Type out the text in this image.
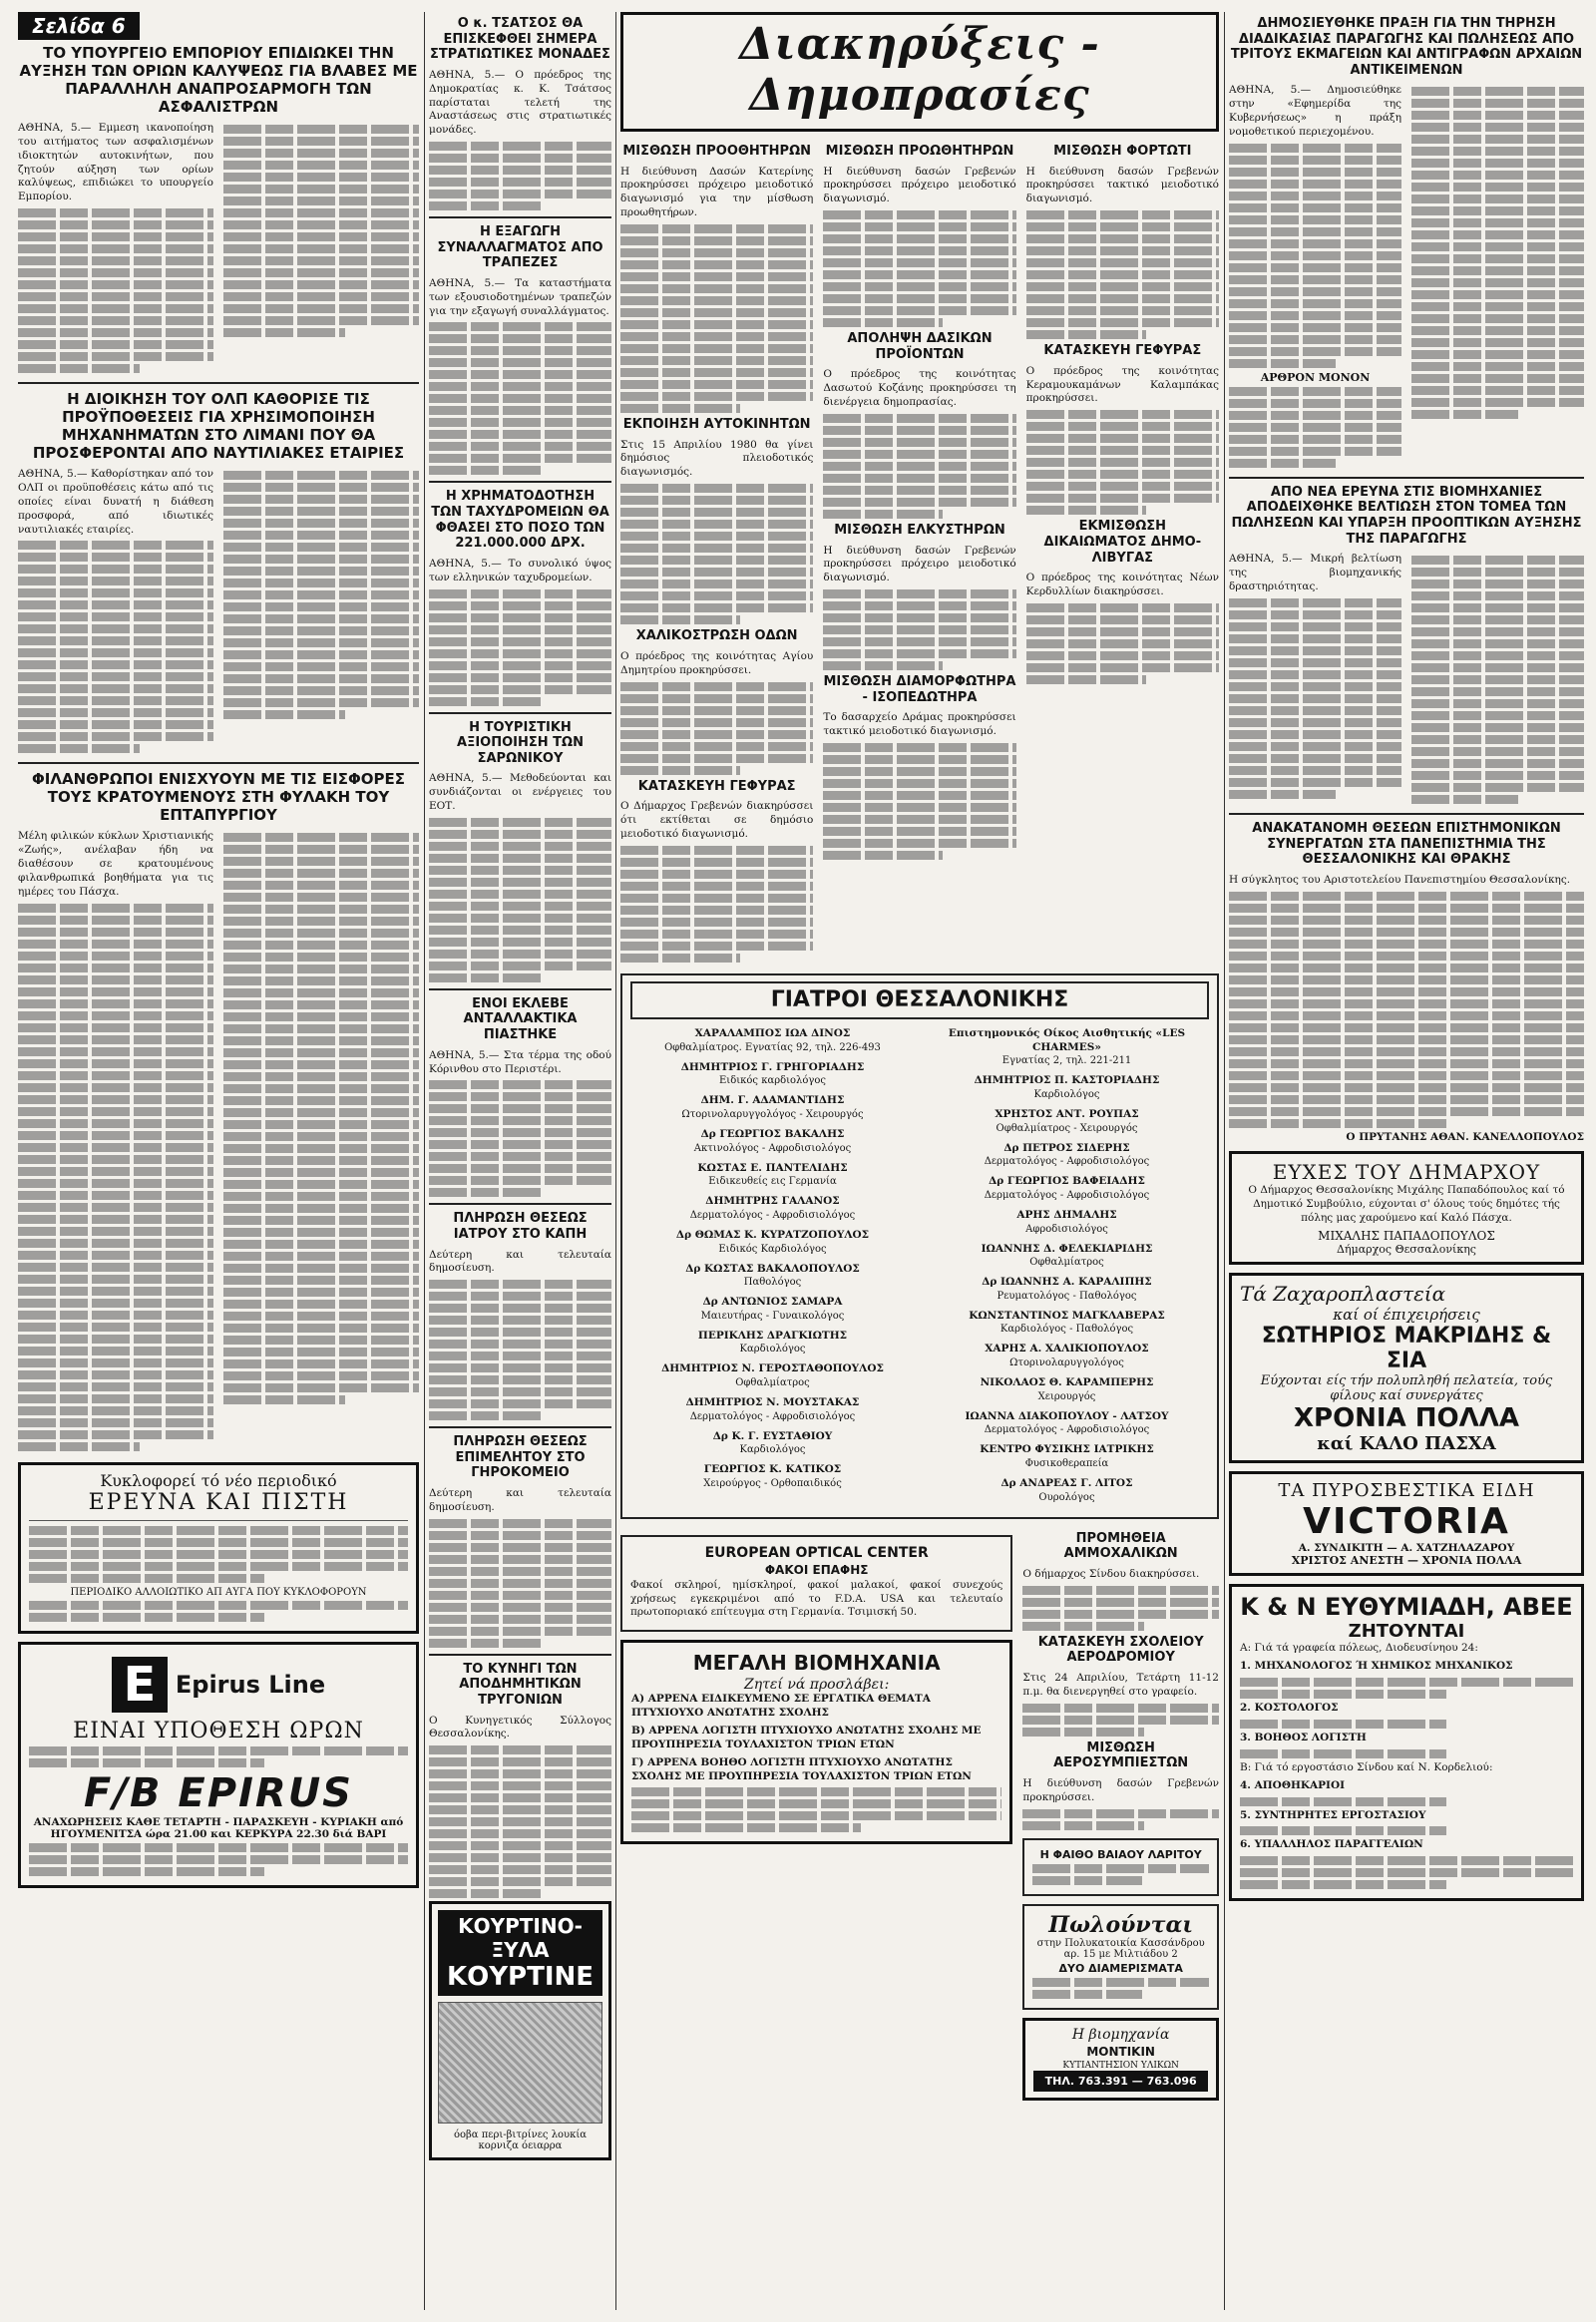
Σελίδα 6
ΤΟ ΥΠΟΥΡΓΕΙΟ ΕΜΠΟΡΙΟΥ ΕΠΙΔΙΩΚΕΙ ΤΗΝ ΑΥΞΗΣΗ ΤΩΝ ΟΡΙΩΝ ΚΑΛΥΨΕΩΣ ΓΙΑ ΒΛΑΒΕΣ ΜΕ ΠΑΡΑΛΛΗΛΗ ΑΝΑΠΡΟΣΑΡΜΟΓΗ ΤΩΝ ΑΣΦΑΛΙΣΤΡΩΝ

ΑΘΗΝΑ, 5.— Εμμεση ικανοποίηση του αιτήματος των ασφαλισμένων ιδιοκτητών αυτοκινήτων, που ζητούν αύξηση των ορίων καλύψεως, επιδιώκει το υπουργείο Εμπορίου.

Η ΔΙΟΙΚΗΣΗ ΤΟΥ ΟΛΠ ΚΑΘΟΡΙΣΕ ΤΙΣ ΠΡΟΫΠΟΘΕΣΕΙΣ ΓΙΑ ΧΡΗΣΙΜΟΠΟΙΗΣΗ ΜΗΧΑΝΗΜΑΤΩΝ ΣΤΟ ΛΙΜΑΝΙ ΠΟΥ ΘΑ ΠΡΟΣΦΕΡΟΝΤΑΙ ΑΠΟ ΝΑΥΤΙΛΙΑΚΕΣ ΕΤΑΙΡΙΕΣ

ΑΘΗΝΑ, 5.— Καθορίστηκαν από τον ΟΛΠ οι προϋποθέσεις κάτω από τις οποίες είναι δυνατή η διάθεση προσφορά, από ιδιωτικές ναυτιλιακές εταιρίες.

ΦΙΛΑΝΘΡΩΠΟΙ ΕΝΙΣΧΥΟΥΝ ΜΕ ΤΙΣ ΕΙΣΦΟΡΕΣ ΤΟΥΣ ΚΡΑΤΟΥΜΕΝΟΥΣ ΣΤΗ ΦΥΛΑΚΗ ΤΟΥ ΕΠΤΑΠΥΡΓΙΟΥ

Μέλη φιλικών κύκλων Χριστιανικής «Ζωής», ανέλαβαν ήδη να διαθέσουν σε κρατουμένους φιλανθρωπικά βοηθήματα για τις ημέρες του Πάσχα.

Κυκλοφορεί τό νέο περιοδικό
ΕΡΕΥΝΑ ΚΑΙ ΠΙΣΤΗ
ΠΕΡΙΟΔΙΚΟ ΑΛΛΟΙΩΤΙΚΟ ΑΠ ΑΥΓΑ ΠΟΥ ΚΥΚΛΟΦΟΡΟΥΝ
E Epirus Line
ΕΙΝΑΙ ΥΠΟΘΕΣΗ ΩΡΩΝ
F/B EPIRUS
ΑΝΑΧΩΡΗΣΕΙΣ ΚΑΘΕ ΤΕΤΑΡΤΗ - ΠΑΡΑΣΚΕΥΗ - ΚΥΡΙΑΚΗ από ΗΓΟΥΜΕΝΙΤΣΑ ώρα 21.00 και ΚΕΡΚΥΡΑ 22.30 διά ΒΑΡΙ
Ο κ. ΤΣΑΤΣΟΣ ΘΑ ΕΠΙΣΚΕΦΘΕΙ ΣΗΜΕΡΑ ΣΤΡΑΤΙΩΤΙΚΕΣ ΜΟΝΑΔΕΣ

ΑΘΗΝΑ, 5.— Ο πρόεδρος της Δημοκρατίας κ. Κ. Τσάτσος παρίσταται τελετή της Αναστάσεως στις στρατιωτικές μονάδες.

Η ΕΞΑΓΩΓΗ ΣΥΝΑΛΛΑΓΜΑΤΟΣ ΑΠΟ ΤΡΑΠΕΖΕΣ

ΑΘΗΝΑ, 5.— Τα καταστήματα των εξουσιοδοτημένων τραπεζών για την εξαγωγή συναλλάγματος.

Η ΧΡΗΜΑΤΟΔΟΤΗΣΗ ΤΩΝ ΤΑΧΥΔΡΟΜΕΙΩΝ ΘΑ ΦΘΑΣΕΙ ΣΤΟ ΠΟΣΟ ΤΩΝ 221.000.000 ΔΡΧ.

ΑΘΗΝΑ, 5.— Το συνολικό ύψος των ελληνικών ταχυδρομείων.

Η ΤΟΥΡΙΣΤΙΚΗ ΑΞΙΟΠΟΙΗΣΗ ΤΩΝ ΣΑΡΩΝΙΚΟΥ

ΑΘΗΝΑ, 5.— Μεθοδεύονται και συνδιάζονται οι ενέργειες του ΕΟΤ.

ΕΝΟΙ ΕΚΛΕΒΕ ΑΝΤΑΛΛΑΚΤΙΚΑ ΠΙΑΣΤΗΚΕ

ΑΘΗΝΑ, 5.— Στα τέρμα της οδού Κόρινθου στο Περιστέρι.

ΠΛΗΡΩΣΗ ΘΕΣΕΩΣ ΙΑΤΡΟΥ ΣΤΟ ΚΑΠΗ

Δεύτερη και τελευταία δημοσίευση.

ΠΛΗΡΩΣΗ ΘΕΣΕΩΣ ΕΠΙΜΕΛΗΤΟΥ ΣΤΟ ΓΗΡΟΚΟΜΕΙΟ

Δεύτερη και τελευταία δημοσίευση.

ΤΟ ΚΥΝΗΓΙ ΤΩΝ ΑΠΟΔΗΜΗΤΙΚΩΝ ΤΡΥΓΟΝΙΩΝ

Ο Κυνηγετικός Σύλλογος Θεσσαλονίκης.

ΚΟΥΡΤΙΝΟ-ΞΥΛΑ
ΚΟΥΡΤΙΝΕ
όοβα περι-βιτρίνες λουκία κορνιζα όειαρρα
Διακηρύξεις - Δημοπρασίες
ΜΙΣΘΩΣΗ ΠΡΟΟΘΗΤΗΡΩΝ

Η διεύθυνση Δασών Κατερίνης προκηρύσσει πρόχειρο μειοδοτικό διαγωνισμό για την μίσθωση προωθητήρων.

ΕΚΠΟΙΗΣΗ ΑΥΤΟΚΙΝΗΤΩΝ

Στις 15 Απριλίου 1980 θα γίνει δημόσιος πλειοδοτικός διαγωνισμός.

ΧΑΛΙΚΟΣΤΡΩΣΗ ΟΔΩΝ

Ο πρόεδρος της κοινότητας Αγίου Δημητρίου προκηρύσσει.

ΚΑΤΑΣΚΕΥΗ ΓΕΦΥΡΑΣ

Ο Δήμαρχος Γρεβενών διακηρύσσει ότι εκτίθεται σε δημόσιο μειοδοτικό διαγωνισμό.

ΜΙΣΘΩΣΗ ΠΡΟΩΘΗΤΗΡΩΝ

Η διεύθυνση δασών Γρεβενών προκηρύσσει πρόχειρο μειοδοτικό διαγωνισμό.

ΑΠΟΛΗΨΗ ΔΑΣΙΚΩΝ ΠΡΟΪΟΝΤΩΝ

Ο πρόεδρος της κοινότητας Δασωτού Κοζάνης προκηρύσσει τη διενέργεια δημοπρασίας.

ΜΙΣΘΩΣΗ ΕΛΚΥΣΤΗΡΩΝ

Η διεύθυνση δασών Γρεβενών προκηρύσσει πρόχειρο μειοδοτικό διαγωνισμό.

ΜΙΣΘΩΣΗ ΔΙΑΜΟΡΦΩΤΗΡΑ - ΙΣΟΠΕΔΩΤΗΡΑ

Το δασαρχείο Δράμας προκηρύσσει τακτικό μειοδοτικό διαγωνισμό.

ΜΙΣΘΩΣΗ ΦΟΡΤΩΤΙ

Η διεύθυνση δασών Γρεβενών προκηρύσσει τακτικό μειοδοτικό διαγωνισμό.

ΚΑΤΑΣΚΕΥΗ ΓΕΦΥΡΑΣ

Ο πρόεδρος της κοινότητας Κεραμουκαμάνων Καλαμπάκας προκηρύσσει.

ΕΚΜΙΣΘΩΣΗ ΔΙΚΑΙΩΜΑΤΟΣ ΔΗΜΟ-ΛΙΒΥΓΑΣ

Ο πρόεδρος της κοινότητας Νέων Κερδυλλίων διακηρύσσει.

ΓΙΑΤΡΟΙ ΘΕΣΣΑΛΟΝΙΚΗΣ
ΧΑΡΑΛΑΜΠΟΣ ΙΩΑ ΔΙΝΟΣ
Οφθαλμίατρος. Εγνατίας 92, τηλ. 226-493
ΔΗΜΗΤΡΙΟΣ Γ. ΓΡΗΓΟΡΙΑΔΗΣ
Ειδικός καρδιολόγος
ΔΗΜ. Γ. ΑΔΑΜΑΝΤΙΔΗΣ
Ωτορινολαρυγγολόγος - Χειρουργός
Δρ ΓΕΩΡΓΙΟΣ ΒΑΚΑΛΗΣ
Ακτινολόγος - Αφροδισιολόγος
ΚΩΣΤΑΣ Ε. ΠΑΝΤΕΛΙΔΗΣ
Ειδικευθείς εις Γερμανία
ΔΗΜΗΤΡΗΣ ΓΑΛΑΝΟΣ
Δερματολόγος - Αφροδισιολόγος
Δρ ΘΩΜΑΣ Κ. ΚΥΡΑΤΖΟΠΟΥΛΟΣ
Ειδικός Καρδιολόγος
Δρ ΚΩΣΤΑΣ ΒΑΚΑΛΟΠΟΥΛΟΣ
Παθολόγος
Δρ ΑΝΤΩΝΙΟΣ ΣΑΜΑΡΑ
Μαιευτήρας - Γυναικολόγος
ΠΕΡΙΚΛΗΣ ΔΡΑΓΚΙΩΤΗΣ
Καρδιολόγος
ΔΗΜΗΤΡΙΟΣ Ν. ΓΕΡΟΣΤΑΘΟΠΟΥΛΟΣ
Οφθαλμίατρος
ΔΗΜΗΤΡΙΟΣ Ν. ΜΟΥΣΤΑΚΑΣ
Δερματολόγος - Αφροδισιολόγος
Δρ Κ. Γ. ΕΥΣΤΑΘΙΟΥ
Καρδιολόγος
ΓΕΩΡΓΙΟΣ Κ. ΚΑΤΙΚΟΣ
Χειρούργος - Ορθοπαιδικός
Επιστημονικός Οίκος Αισθητικής «LES CHARMES»
Εγνατίας 2, τηλ. 221-211
ΔΗΜΗΤΡΙΟΣ Π. ΚΑΣΤΟΡΙΑΔΗΣ
Καρδιολόγος
ΧΡΗΣΤΟΣ ΑΝΤ. ΡΟΥΠΑΣ
Οφθαλμίατρος - Χειρουργός
Δρ ΠΕΤΡΟΣ ΣΙΔΕΡΗΣ
Δερματολόγος - Αφροδισιολόγος
Δρ ΓΕΩΡΓΙΟΣ ΒΑΦΕΙΑΔΗΣ
Δερματολόγος - Αφροδισιολόγος
ΑΡΗΣ ΔΗΜΑΛΗΣ
Αφροδισιολόγος
ΙΩΑΝΝΗΣ Δ. ΦΕΛΕΚΙΑΡΙΔΗΣ
Οφθαλμίατρος
Δρ ΙΩΑΝΝΗΣ Α. ΚΑΡΑΛΙΠΗΣ
Ρευματολόγος - Παθολόγος
ΚΩΝΣΤΑΝΤΙΝΟΣ ΜΑΓΚΛΑΒΕΡΑΣ
Καρδιολόγος - Παθολόγος
ΧΑΡΗΣ Α. ΧΑΛΙΚΙΟΠΟΥΛΟΣ
Ωτορινολαρυγγολόγος
ΝΙΚΟΛΑΟΣ Θ. ΚΑΡΑΜΠΕΡΗΣ
Χειρουργός
ΙΩΑΝΝΑ ΔΙΑΚΟΠΟΥΛΟΥ - ΛΑΤΣΟΥ
Δερματολόγος - Αφροδισιολόγος
ΚΕΝΤΡΟ ΦΥΣΙΚΗΣ ΙΑΤΡΙΚΗΣ
Φυσικοθεραπεία
Δρ ΑΝΔΡΕΑΣ Γ. ΛΙΤΟΣ
Ουρολόγος
EUROPEAN OPTICAL CENTER
ΦΑΚΟΙ ΕΠΑΦΗΣ

Φακοί σκληροί, ημίσκληροί, φακοί μαλακοί, φακοί συνεχούς χρήσεως εγκεκριμένοι από το F.D.A. USA και τελευταίο πρωτοποριακό επίτευγμα στη Γερμανία. Τσιμισκή 50.

ΜΕΓΑΛΗ ΒΙΟΜΗΧΑΝΙΑ
Ζητεί νά προσλάβει:

Α) ΑΡΡΕΝΑ ΕΙΔΙΚΕΥΜΕΝΟ ΣΕ ΕΡΓΑΤΙΚΑ ΘΕΜΑΤΑ ΠΤΥΧΙΟΥΧΟ ΑΝΩΤΑΤΗΣ ΣΧΟΛΗΣ

Β) ΑΡΡΕΝΑ ΛΟΓΙΣΤΗ ΠΤΥΧΙΟΥΧΟ ΑΝΩΤΑΤΗΣ ΣΧΟΛΗΣ ΜΕ ΠΡΟΥΠΗΡΕΣΙΑ ΤΟΥΛΑΧΙΣΤΟΝ ΤΡΙΩΝ ΕΤΩΝ

Γ) ΑΡΡΕΝΑ ΒΟΗΘΟ ΛΟΓΙΣΤΗ ΠΤΥΧΙΟΥΧΟ ΑΝΩΤΑΤΗΣ ΣΧΟΛΗΣ ΜΕ ΠΡΟΥΠΗΡΕΣΙΑ ΤΟΥΛΑΧΙΣΤΟΝ ΤΡΙΩΝ ΕΤΩΝ

ΠΡΟΜΗΘΕΙΑ ΑΜΜΟΧΑΛΙΚΩΝ

Ο δήμαρχος Σίνδου διακηρύσσει.

ΚΑΤΑΣΚΕΥΗ ΣΧΟΛΕΙΟΥ ΑΕΡΟΔΡΟΜΙΟΥ

Στις 24 Απριλίου, Τετάρτη 11-12 π.μ. θα διενεργηθεί στο γραφείο.

ΜΙΣΘΩΣΗ ΑΕΡΟΣΥΜΠΙΕΣΤΩΝ

Η διεύθυνση δασών Γρεβενών προκηρύσσει.

Η ΦΑΙΘΟ ΒΑΙΑΟΥ ΛΑΡΙΤΟΥ
Πωλούνται
στην Πολυκατοικία Κασσάνδρου αρ. 15 με Μιλτιάδου 2
ΔΥΟ ΔΙΑΜΕΡΙΣΜΑΤΑ
Η βιομηχανία
ΜΟΝΤΙΚΙΝ
ΚΥΤΙΑΝΤΗΣΙΟΝ ΥΛΙΚΩΝ
ΤΗΛ. 763.391 — 763.096
ΔΗΜΟΣΙΕΥΘΗΚΕ ΠΡΑΞΗ ΓΙΑ ΤΗΝ ΤΗΡΗΣΗ ΔΙΑΔΙΚΑΣΙΑΣ ΠΑΡΑΓΩΓΗΣ ΚΑΙ ΠΩΛΗΣΕΩΣ ΑΠΟ ΤΡΙΤΟΥΣ ΕΚΜΑΓΕΙΩΝ ΚΑΙ ΑΝΤΙΓΡΑΦΩΝ ΑΡΧΑΙΩΝ ΑΝΤΙΚΕΙΜΕΝΩΝ

ΑΘΗΝΑ, 5.— Δημοσιεύθηκε στην «Εφημερίδα της Κυβερνήσεως» η πράξη νομοθετικού περιεχομένου.

ΑΡΘΡΟΝ ΜΟΝΟΝ
ΑΠΟ ΝΕΑ ΕΡΕΥΝΑ ΣΤΙΣ ΒΙΟΜΗΧΑΝΙΕΣ ΑΠΟΔΕΙΧΘΗΚΕ ΒΕΛΤΙΩΣΗ ΣΤΟΝ ΤΟΜΕΑ ΤΩΝ ΠΩΛΗΣΕΩΝ ΚΑΙ ΥΠΑΡΞΗ ΠΡΟΟΠΤΙΚΩΝ ΑΥΞΗΣΗΣ ΤΗΣ ΠΑΡΑΓΩΓΗΣ

ΑΘΗΝΑ, 5.— Μικρή βελτίωση της βιομηχανικής δραστηριότητας.

ΑΝΑΚΑΤΑΝΟΜΗ ΘΕΣΕΩΝ ΕΠΙΣΤΗΜΟΝΙΚΩΝ ΣΥΝΕΡΓΑΤΩΝ ΣΤΑ ΠΑΝΕΠΙΣΤΗΜΙΑ ΤΗΣ ΘΕΣΣΑΛΟΝΙΚΗΣ ΚΑΙ ΘΡΑΚΗΣ

Η σύγκλητος του Αριστοτελείου Πανεπιστημίου Θεσσαλονίκης.

Ο ΠΡΥΤΑΝΗΣ ΑΘΑΝ. ΚΑΝΕΛΛΟΠΟΥΛΟΣ
ΕΥΧΕΣ ΤΟΥ ΔΗΜΑΡΧΟΥ

Ο Δήμαρχος Θεσσαλονίκης Μιχάλης Παπαδόπουλος καί τό Δημοτικό Συμβούλιο, εύχονται σ' όλους τούς δημότες τής πόλης μας χαρούμενο καί Καλό Πάσχα.

ΜΙΧΑΛΗΣ ΠΑΠΑΔΟΠΟΥΛΟΣ
Δήμαρχος Θεσσαλονίκης
Τά Ζαχαροπλαστεία
καί οί έπιχειρήσεις
ΣΩΤΗΡΙΟΣ ΜΑΚΡΙΔΗΣ & ΣΙΑ
Εύχονται είς τήν πολυπληθή πελατεία, τούς φίλους καί συνεργάτες
ΧΡΟΝΙΑ ΠΟΛΛΑ
καί ΚΑΛΟ ΠΑΣΧΑ
ΤΑ ΠΥΡΟΣΒΕΣΤΙΚΑ ΕΙΔΗ
VICTORIA
Α. ΣΥΝΔΙΚΙΤΗ — Α. ΧΑΤΖΗΛΑΖΑΡΟΥ
ΧΡΙΣΤΟΣ ΑΝΕΣΤΗ — ΧΡΟΝΙΑ ΠΟΛΛΑ
Κ & Ν ΕΥΘΥΜΙΑΔΗ, ΑΒΕΕ
ΖΗΤΟΥΝΤΑΙ

Α: Γιά τά γραφεία πόλεως, Διοδευσίνηου 24:

1. ΜΗΧΑΝΟΛΟΓΟΣ Ή ΧΗΜΙΚΟΣ ΜΗΧΑΝΙΚΟΣ

2. ΚΟΣΤΟΛΟΓΟΣ

3. ΒΟΗΘΟΣ ΛΟΓΙΣΤΗ

Β: Γιά τό εργοστάσιο Σίνδου καί Ν. Κορδελιού:

4. ΑΠΟΘΗΚΑΡΙΟΙ

5. ΣΥΝΤΗΡΗΤΕΣ ΕΡΓΟΣΤΑΣΙΟΥ

6. ΥΠΑΛΛΗΛΟΣ ΠΑΡΑΓΓΕΛΙΩΝ
